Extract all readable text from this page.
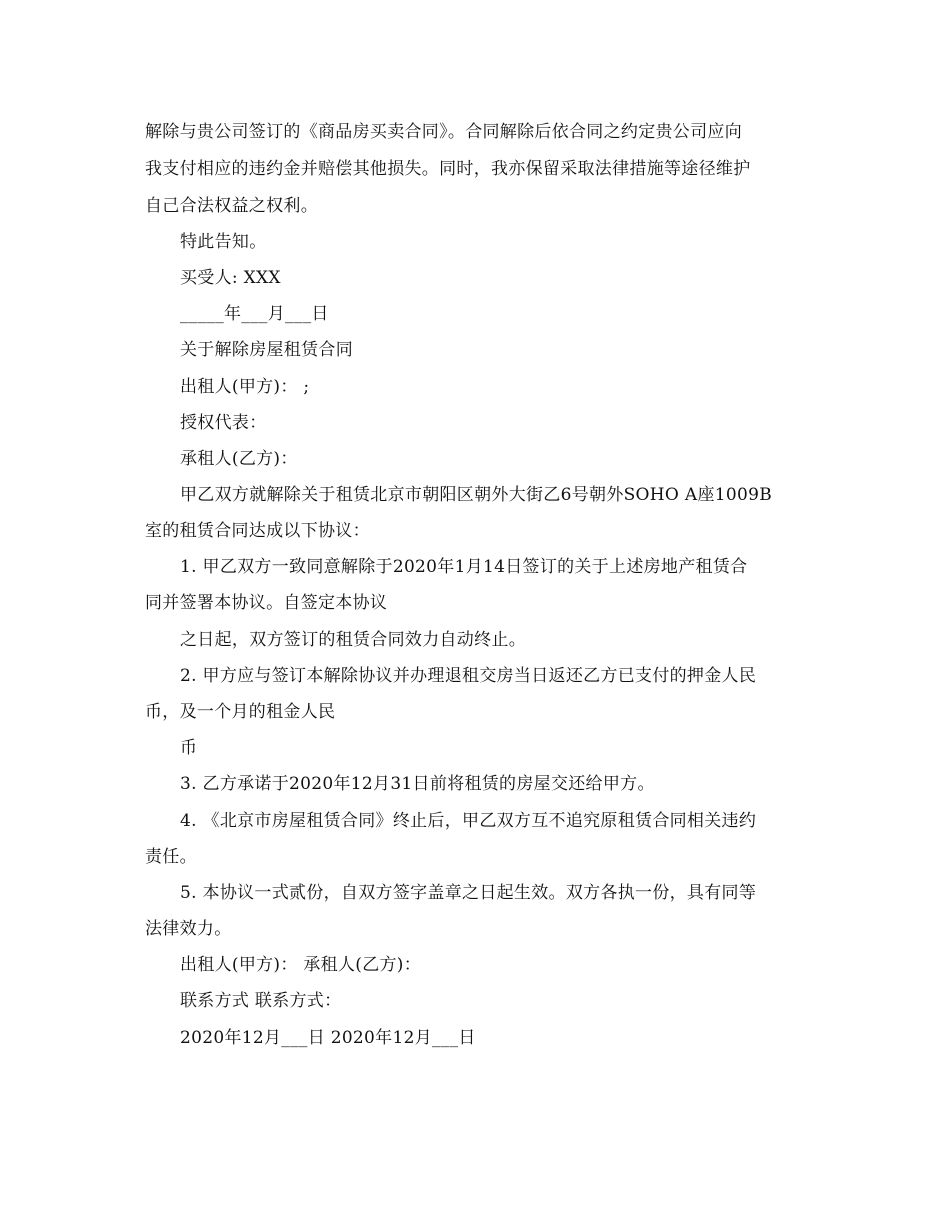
解除与贵公司签订的《商品房买卖合同》。合同解除后依合同之约定贵公司应向
我支付相应的违约金并赔偿其他损失。同时，我亦保留采取法律措施等途径维护
自己合法权益之权利。
特此告知。
买受人: XXX
_____年___月___日
关于解除房屋租赁合同
出租人(甲方)： ;
授权代表：
承租人(乙方)：
甲乙双方就解除关于租赁北京市朝阳区朝外大街乙6号朝外SOHO A座1009B
室的租赁合同达成以下协议：
1. 甲乙双方一致同意解除于2020年1月14日签订的关于上述房地产租赁合
同并签署本协议。自签定本协议
之日起，双方签订的租赁合同效力自动终止。
2. 甲方应与签订本解除协议并办理退租交房当日返还乙方已支付的押金人民
币，及一个月的租金人民
币
3. 乙方承诺于2020年12月31日前将租赁的房屋交还给甲方。
4. 《北京市房屋租赁合同》终止后，甲乙双方互不追究原租赁合同相关违约
责任。
5. 本协议一式贰份，自双方签字盖章之日起生效。双方各执一份，具有同等
法律效力。
出租人(甲方)： 承租人(乙方)：
联系方式 联系方式：
2020年12月___日 2020年12月___日
